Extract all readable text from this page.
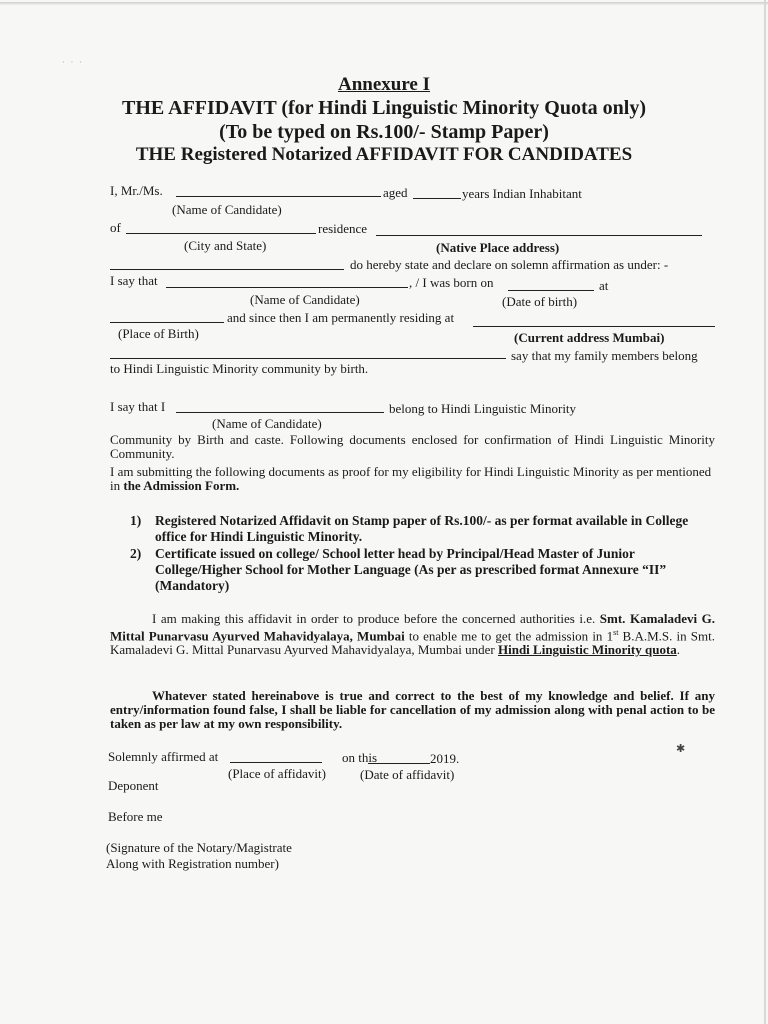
· · ·
✱
Annexure I
THE AFFIDAVIT (for Hindi Linguistic Minority Quota only)
(To be typed on Rs.100/- Stamp Paper)
THE Registered Notarized AFFIDAVIT FOR CANDIDATES
I, Mr./Ms.	aged	years Indian Inhabitant
(Name of Candidate)
of	residence
(City and State)	(Native Place address)
do hereby state and declare on solemn affirmation as under: -
I say that	, / I was born on	at
(Name of Candidate)	(Date of birth)
and since then I am permanently residing at
(Place of Birth)	(Current address Mumbai)
say that my family members belong
to Hindi Linguistic Minority community by birth.
I say that I	belong to Hindi Linguistic Minority
(Name of Candidate)
Community by Birth and caste. Following documents enclosed for confirmation of Hindi Linguistic Minority Community.
I am submitting the following documents as proof for my eligibility for Hindi Linguistic Minority as per mentioned in the Admission Form.
1) Registered Notarized Affidavit on Stamp paper of Rs.100/- as per format available in College office for Hindi Linguistic Minority.
2) Certificate issued on college/ School letter head by Principal/Head Master of Junior College/Higher School for Mother Language (As per as prescribed format Annexure “II” (Mandatory)
I am making this affidavit in order to produce before the concerned authorities i.e. Smt. Kamaladevi G. Mittal Punarvasu Ayurved Mahavidyalaya, Mumbai to enable me to get the admission in 1st B.A.M.S. in Smt. Kamaladevi G. Mittal Punarvasu Ayurved Mahavidyalaya, Mumbai under Hindi Linguistic Minority quota.
Whatever stated hereinabove is true and correct to the best of my knowledge and belief. If any entry/information found false, I shall be liable for cancellation of my admission along with penal action to be taken as per law at my own responsibility.
Solemnly affirmed at	on this	2019.
(Place of affidavit)	(Date of affidavit)
Deponent
Before me
(Signature of the Notary/Magistrate
Along with Registration number)
